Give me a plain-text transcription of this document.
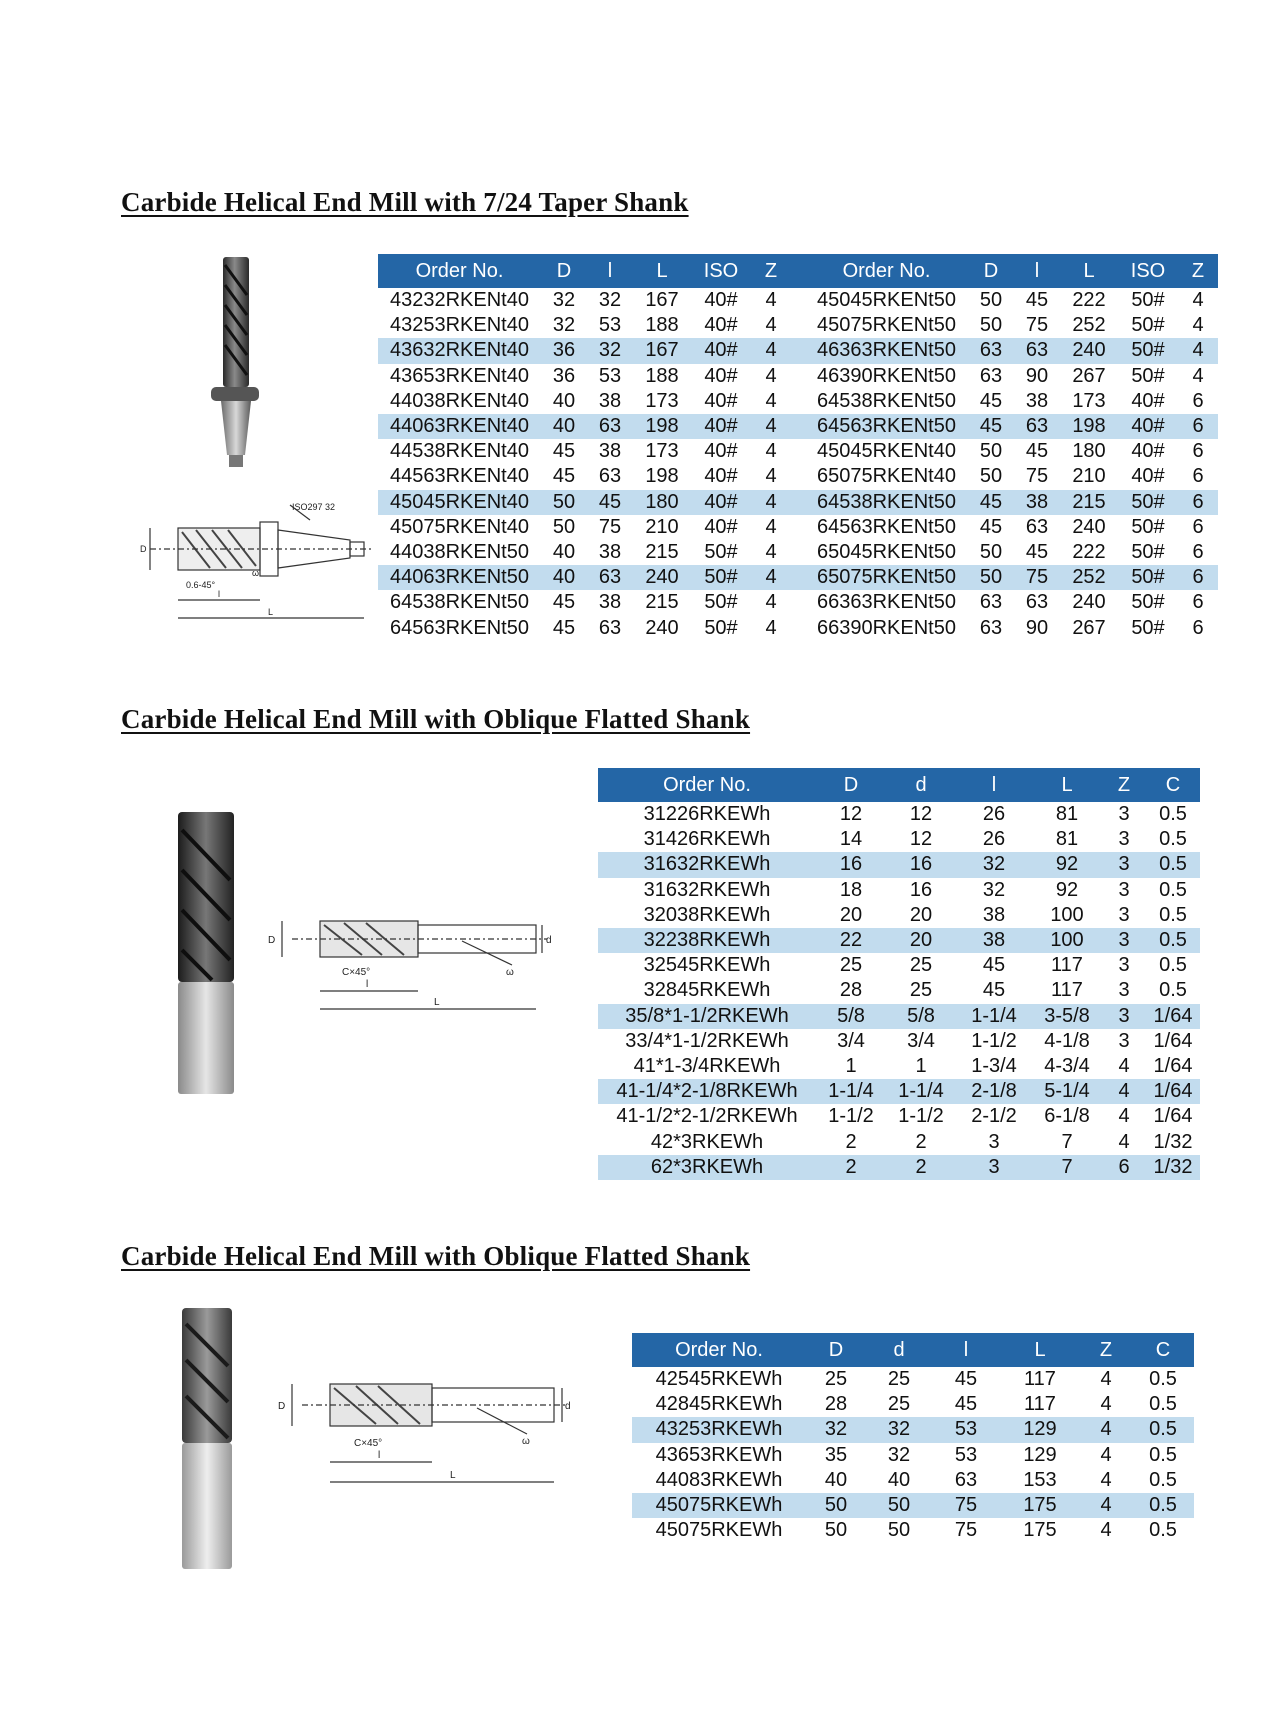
Carbide Helical End Mill with 7/24 Taper Shank
ISO297 32
0.6-45°
D
l
L
ω
Order No.	D	l	L	ISO	Z		Order No.	D	l	L	ISO	Z
43232RKENt40	32	32	167	40#	4		45045RKENt50	50	45	222	50#	4
43253RKENt40	32	53	188	40#	4		45075RKENt50	50	75	252	50#	4
43632RKENt40	36	32	167	40#	4		46363RKENt50	63	63	240	50#	4
43653RKENt40	36	53	188	40#	4		46390RKENt50	63	90	267	50#	4
44038RKENt40	40	38	173	40#	4		64538RKENt50	45	38	173	40#	6
44063RKENt40	40	63	198	40#	4		64563RKENt50	45	63	198	40#	6
44538RKENt40	45	38	173	40#	4		45045RKENt40	50	45	180	40#	6
44563RKENt40	45	63	198	40#	4		65075RKENt40	50	75	210	40#	6
45045RKENt40	50	45	180	40#	4		64538RKENt50	45	38	215	50#	6
45075RKENt40	50	75	210	40#	4		64563RKENt50	45	63	240	50#	6
44038RKENt50	40	38	215	50#	4		65045RKENt50	50	45	222	50#	6
44063RKENt50	40	63	240	50#	4		65075RKENt50	50	75	252	50#	6
64538RKENt50	45	38	215	50#	4		66363RKENt50	63	63	240	50#	6
64563RKENt50	45	63	240	50#	4		66390RKENt50	63	90	267	50#	6
Carbide Helical End Mill with Oblique Flatted Shank
C×45°
D	d
l
L
ω
Order No.	D	d	l	L	Z	C
31226RKEWh	12	12	26	81	3	0.5
31426RKEWh	14	12	26	81	3	0.5
31632RKEWh	16	16	32	92	3	0.5
31632RKEWh	18	16	32	92	3	0.5
32038RKEWh	20	20	38	100	3	0.5
32238RKEWh	22	20	38	100	3	0.5
32545RKEWh	25	25	45	117	3	0.5
32845RKEWh	28	25	45	117	3	0.5
35/8*1-1/2RKEWh	5/8	5/8	1-1/4	3-5/8	3	1/64
33/4*1-1/2RKEWh	3/4	3/4	1-1/2	4-1/8	3	1/64
41*1-3/4RKEWh	1	1	1-3/4	4-3/4	4	1/64
41-1/4*2-1/8RKEWh	1-1/4	1-1/4	2-1/8	5-1/4	4	1/64
41-1/2*2-1/2RKEWh	1-1/2	1-1/2	2-1/2	6-1/8	4	1/64
42*3RKEWh	2	2	3	7	4	1/32
62*3RKEWh	2	2	3	7	6	1/32
Carbide Helical End Mill with Oblique Flatted Shank
C×45°
D	d
l
L
ω
Order No.	D	d	l	L	Z	C
42545RKEWh	25	25	45	117	4	0.5
42845RKEWh	28	25	45	117	4	0.5
43253RKEWh	32	32	53	129	4	0.5
43653RKEWh	35	32	53	129	4	0.5
44083RKEWh	40	40	63	153	4	0.5
45075RKEWh	50	50	75	175	4	0.5
45075RKEWh	50	50	75	175	4	0.5
